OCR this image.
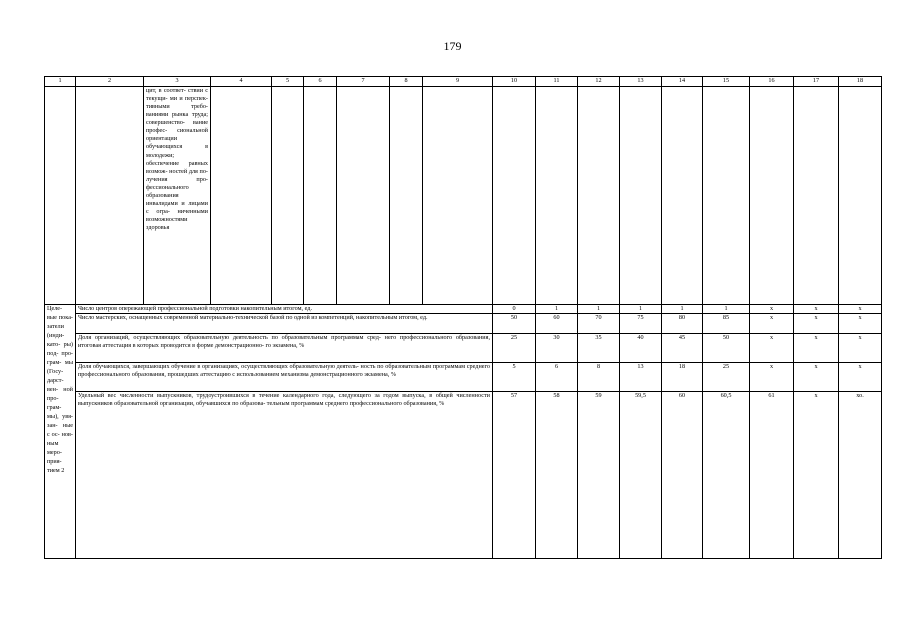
179
1	2	3	4	5	6	7	8	9	10	11	12	13	14	15	16	17	18
		цит, в соответ- ствии с текущи- ми и перспек- тивными требо- ваниями рынка труда; совершенство- вание профес- сиональной ориентации обучающихся в молодежи; обеспечение равных возмож- ностей для по- лучения про- фессионального образования инвалидами и лицами с огра- ниченными возможностями здоровья															
Целе- вые пока- затели (инди- като- ры) под- про- грам- мы (Госу- дарст- вен- ной про- грам- мы), увя- зан- ные с ос- нов- ным меро- прия- тием 2	Число центров опережающей профессиональной подготовки накопительным итогом, ед.								0	1	1	1	1	1	x	x	x
	Число мастерских, оснащенных современной материально-технической базой по одной из компетенций, накопительным итогом, ед.								50	60	70	75	80	85	x	x	x
	Доля организаций, осуществляющих образовательную деятельность по образовательным программам сред- него профессионального образования, итоговая аттестация в которых проводится в форме демонстрационно- го экзамена, %								25	30	35	40	45	50	x	x	x
	Доля обучающихся, завершающих обучение в организациях, осуществляющих образовательную деятель- ность по образовательным программам среднего профессионального образования, прошедших аттестацию с использованием механизма демонстрационного экзамена, %								5	6	8	13	18	25	x	x	x
	Удельный вес численности выпускников, трудоустроившихся в течение календарного года, следующего за годом выпуска, в общей численности выпускников образовательной организации, обучавшихся по образова- тельным программам среднего профессионального образования, %								57	58	59	59,5	60	60,5	61	x	хо.
